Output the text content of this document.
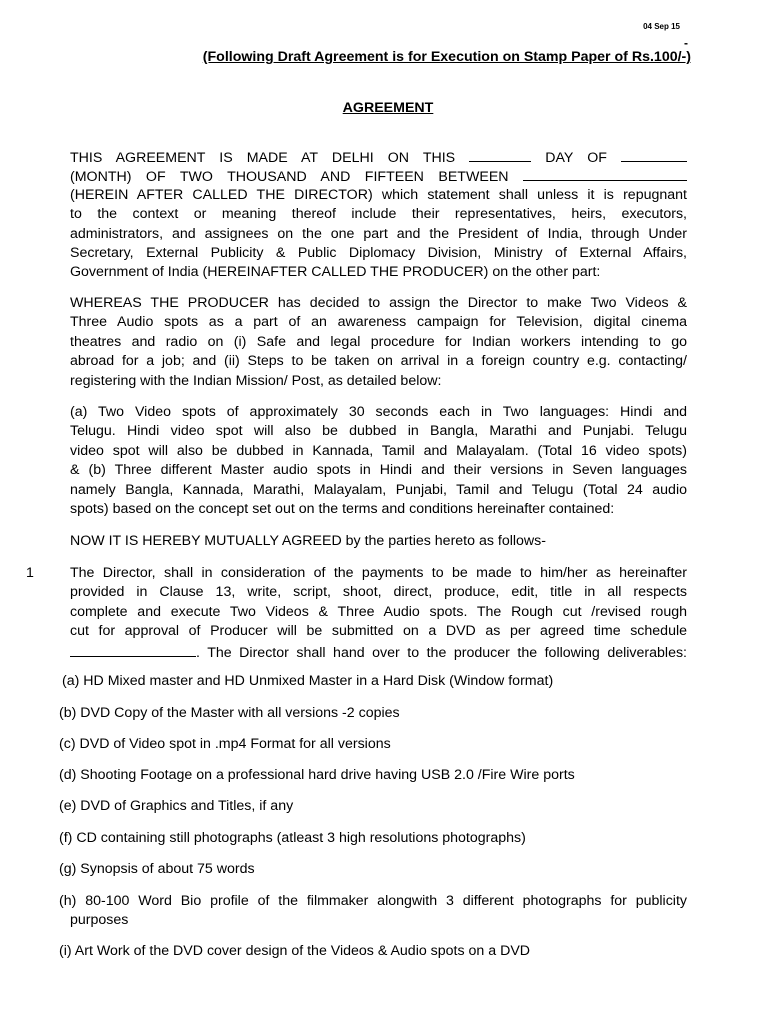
04 Sep 15
-
(Following Draft Agreement is for Execution on Stamp Paper of Rs.100/-)
AGREEMENT
THIS AGREEMENT IS MADE AT DELHI ON THIS	DAY OF
(MONTH) OF TWO THOUSAND AND FIFTEEN BETWEEN
(HEREIN AFTER CALLED THE DIRECTOR) which statement shall unless it is repugnant
to the context or meaning thereof include their representatives, heirs, executors,
administrators, and assignees on the one part and the President of India, through Under
Secretary, External Publicity & Public Diplomacy Division, Ministry of External Affairs,
Government of India (HEREINAFTER CALLED THE PRODUCER) on the other part:
WHEREAS THE PRODUCER has decided to assign the Director to make Two Videos &
Three Audio spots as a part of an awareness campaign for Television, digital cinema
theatres and radio on (i) Safe and legal procedure for Indian workers intending to go
abroad for a job; and (ii) Steps to be taken on arrival in a foreign country e.g. contacting/
registering with the Indian Mission/ Post, as detailed below:
(a) Two Video spots of approximately 30 seconds each in Two languages: Hindi and
Telugu. Hindi video spot will also be dubbed in Bangla, Marathi and Punjabi. Telugu
video spot will also be dubbed in Kannada, Tamil and Malayalam. (Total 16 video spots)
& (b) Three different Master audio spots in Hindi and their versions in Seven languages
namely Bangla, Kannada, Marathi, Malayalam, Punjabi, Tamil and Telugu (Total 24 audio
spots) based on the concept set out on the terms and conditions hereinafter contained:
NOW IT IS HEREBY MUTUALLY AGREED by the parties hereto as follows-
1	The Director, shall in consideration of the payments to be made to him/her as hereinafter
provided in Clause 13, write, script, shoot, direct, produce, edit, title in all respects
complete and execute Two Videos & Three Audio spots. The Rough cut /revised rough
cut for approval of Producer will be submitted on a DVD as per agreed time schedule
. The Director shall hand over to the producer the following deliverables:
(a) HD Mixed master and HD Unmixed Master in a Hard Disk (Window format)
(b) DVD Copy of the Master with all versions -2 copies
(c) DVD of Video spot in .mp4 Format for all versions
(d) Shooting Footage on a professional hard drive having USB 2.0 /Fire Wire ports
(e) DVD of Graphics and Titles, if any
(f) CD containing still photographs (atleast 3 high resolutions photographs)
(g) Synopsis of about 75 words
(h) 80-100 Word Bio profile of the filmmaker alongwith 3 different photographs for publicity
purposes
(i) Art Work of the DVD cover design of the Videos & Audio spots on a DVD
